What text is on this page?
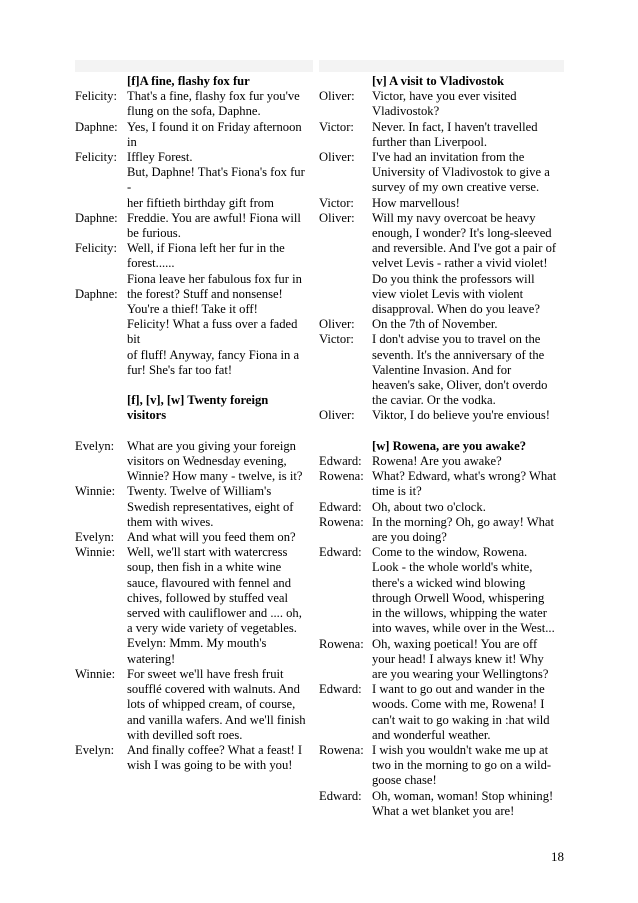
[f]A fine, flashy fox fur
Felicity: That's a fine, flashy fox fur you've
flung on the sofa, Daphne.
Daphne: Yes, I found it on Friday afternoon
in
Felicity: Iffley Forest.
But, Daphne! That's Fiona's fox fur
-
her fiftieth birthday gift from
Daphne: Freddie. You are awful! Fiona will
be furious.
Felicity: Well, if Fiona left her fur in the
forest......
Fiona leave her fabulous fox fur in
Daphne: the forest? Stuff and nonsense!
You're a thief! Take it off!
Felicity! What a fuss over a faded
bit
of fluff! Anyway, fancy Fiona in a
fur! She's far too fat!
[f], [v], [w] Twenty foreign
visitors
Evelyn:	What are you giving your foreign
visitors on Wednesday evening,
Winnie? How many - twelve, is it?
Winnie: Twenty. Twelve of William's
Swedish representatives, eight of
them with wives.
Evelyn:	And what will you feed them on?
Winnie: Well, we'll start with watercress
soup, then fish in a white wine
sauce, flavoured with fennel and
chives, followed by stuffed veal
served with cauliflower and .... oh,
a very wide variety of vegetables.
Evelyn: Mmm. My mouth's
watering!
Winnie: For sweet we'll have fresh fruit
soufflé covered with walnuts. And
lots of whipped cream, of course,
and vanilla wafers. And we'll finish
with devilled soft roes.
Evelyn:	And finally coffee? What a feast! I
wish I was going to be with you!
[v] A visit to Vladivostok
Oliver:	Victor, have you ever visited
Vladivostok?
Victor:	Never. In fact, I haven't travelled
further than Liverpool.
Oliver:	I've had an invitation from the
University of Vladivostok to give a
survey of my own creative verse.
Victor:	How marvellous!
Oliver:	Will my navy overcoat be heavy
enough, I wonder? It's long-sleeved
and reversible. And I've got a pair of
velvet Levis - rather a vivid violet!
Do you think the professors will
view violet Levis with violent
disapproval. When do you leave?
Oliver:	On the 7th of November.
Victor:	I don't advise you to travel on the
seventh. It's the anniversary of the
Valentine Invasion. And for
heaven's sake, Oliver, don't overdo
the caviar. Or the vodka.
Oliver:	Viktor, I do believe you're envious!
[w] Rowena, are you awake?
Edward: Rowena! Are you awake?
Rowena: What? Edward, what's wrong? What
time is it?
Edward: Oh, about two o'clock.
Rowena: In the morning? Oh, go away! What
are you doing?
Edward: Come to the window, Rowena.
Look - the whole world's white,
there's a wicked wind blowing
through Orwell Wood, whispering
in the willows, whipping the water
into waves, while over in the West...
Rowena: Oh, waxing poetical! You are off
your head! I always knew it! Why
are you wearing your Wellingtons?
Edward: I want to go out and wander in the
woods. Come with me, Rowena! I
can't wait to go waking in :hat wild
and wonderful weather.
Rowena: I wish you wouldn't wake me up at
two in the morning to go on a wild-
goose chase!
Edward: Oh, woman, woman! Stop whining!
What a wet blanket you are!
18
